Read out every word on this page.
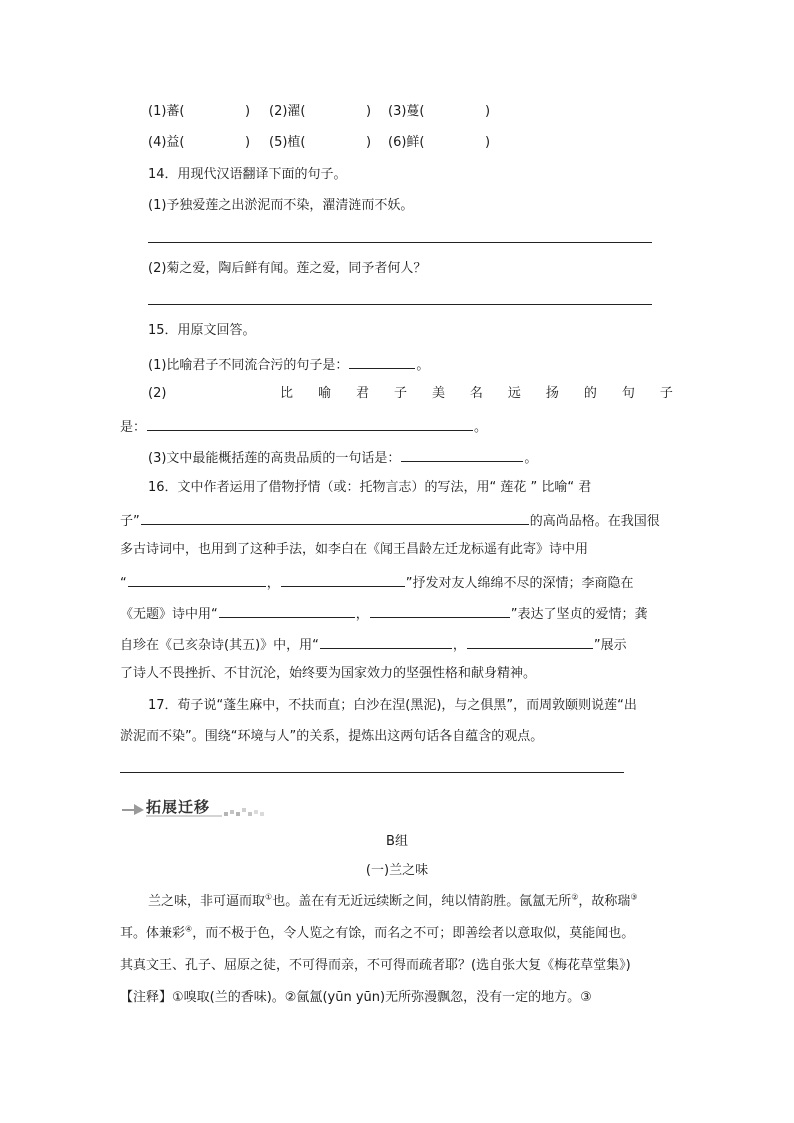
(1)蕃(	) (2)濯(	) (3)蔓(	)
(4)益(	) (5)植(	) (6)鲜(	)
14．用现代汉语翻译下面的句子。
(1)予独爱莲之出淤泥而不染，濯清涟而不妖。
(2)菊之爱，陶后鲜有闻。莲之爱，同予者何人？
15．用原文回答。
(1)比喻君子不同流合污的句子是：	。
(2)	比 喻 君 子 美 名 远 扬 的 句 子
是：	。
(3)文中最能概括莲的高贵品质的一句话是：	。
16．文中作者运用了借物抒情（或：托物言志）的写法，用“ 莲花 ” 比喻“ 君
子”	的高尚品格。在我国很
多古诗词中，也用到了这种手法，如李白在《闻王昌龄左迁龙标遥有此寄》诗中用
“	，	”抒发对友人绵绵不尽的深情；李商隐在
《无题》诗中用“	，	”表达了坚贞的爱情；龚
自珍在《己亥杂诗(其五)》中，用“	，	”展示
了诗人不畏挫折、不甘沉沦，始终要为国家效力的坚强性格和献身精神。
17．荀子说“蓬生麻中，不扶而直；白沙在涅(黑泥)，与之俱黑”，而周敦颐则说莲“出
淤泥而不染”。围绕“环境与人”的关系，提炼出这两句话各自蕴含的观点。
拓展迁移
B组
(一)兰之味
兰之味，非可逼而取①也。盖在有无近远续断之间，纯以情韵胜。氤氲无所②，故称瑞③
耳。体兼彩④，而不极于色，令人览之有馀，而名之不可；即善绘者以意取似，莫能闻也。
其真文王、孔子、屈原之徒，不可得而亲，不可得而疏者耶？(选自张大复《梅花草堂集》)
【注释】①嗅取(兰的香味)。②氤氲(yūn yūn)无所弥漫飘忽，没有一定的地方。③
